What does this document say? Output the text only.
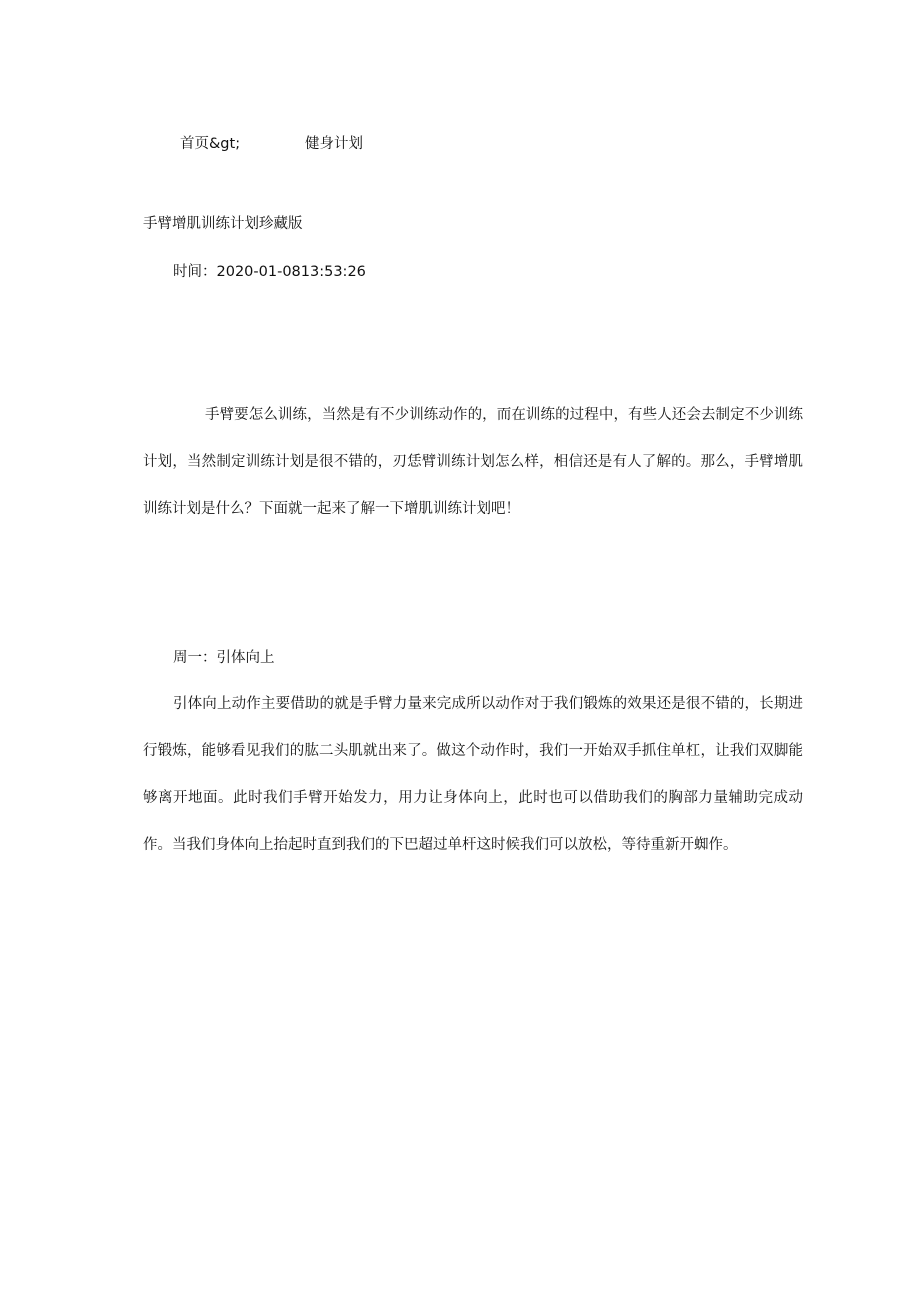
首页&gt;	健身计划
手臂增肌训练计划珍藏版
时间：2020-01-0813:53:26

手臂要怎么训练，当然是有不少训练动作的，而在训练的过程中，有些人还会去制定不少训练计划，当然制定训练计划是很不错的，刃恁臂训练计划怎么样，相信还是有人了解的。那么，手臂增肌训练计划是什么？下面就一起来了解一下增肌训练计划吧！

周一：引体向上

引体向上动作主要借助的就是手臂力量来完成所以动作对于我们锻炼的效果还是很不错的，长期进行锻炼，能够看见我们的肱二头肌就出来了。做这个动作时，我们一开始双手抓住单杠，让我们双脚能够离开地面。此时我们手臂开始发力，用力让身体向上，此时也可以借助我们的胸部力量辅助完成动作。当我们身体向上抬起时直到我们的下巴超过单杆这时候我们可以放松，等待重新开蜘作。
